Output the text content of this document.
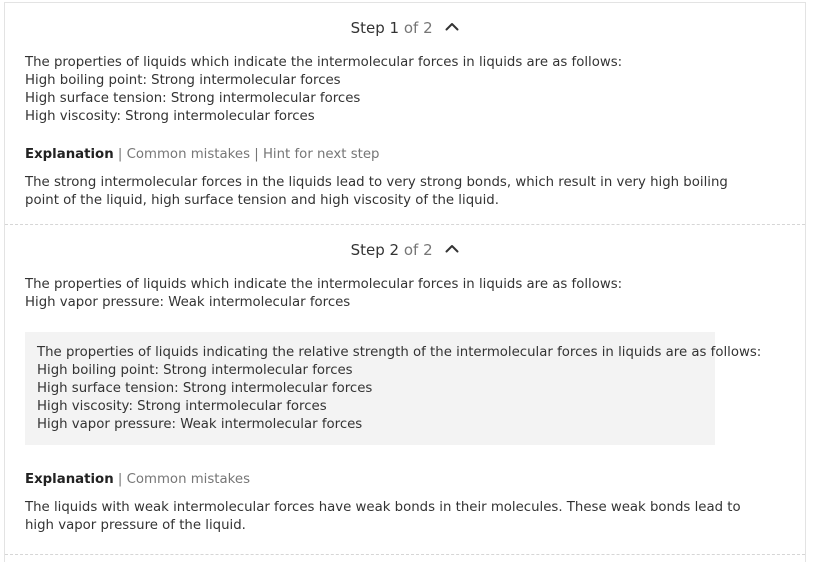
Step 1 of 2
The properties of liquids which indicate the intermolecular forces in liquids are as follows:
High boiling point: Strong intermolecular forces
High surface tension: Strong intermolecular forces
High viscosity: Strong intermolecular forces
Explanation | Common mistakes | Hint for next step

The strong intermolecular forces in the liquids lead to very strong bonds, which result in very high boiling point of the liquid, high surface tension and high viscosity of the liquid.

Step 2 of 2
The properties of liquids which indicate the intermolecular forces in liquids are as follows:
High vapor pressure: Weak intermolecular forces
The properties of liquids indicating the relative strength of the intermolecular forces in liquids are as follows:
High boiling point: Strong intermolecular forces
High surface tension: Strong intermolecular forces
High viscosity: Strong intermolecular forces
High vapor pressure: Weak intermolecular forces
Explanation | Common mistakes

The liquids with weak intermolecular forces have weak bonds in their molecules. These weak bonds lead to high vapor pressure of the liquid.
